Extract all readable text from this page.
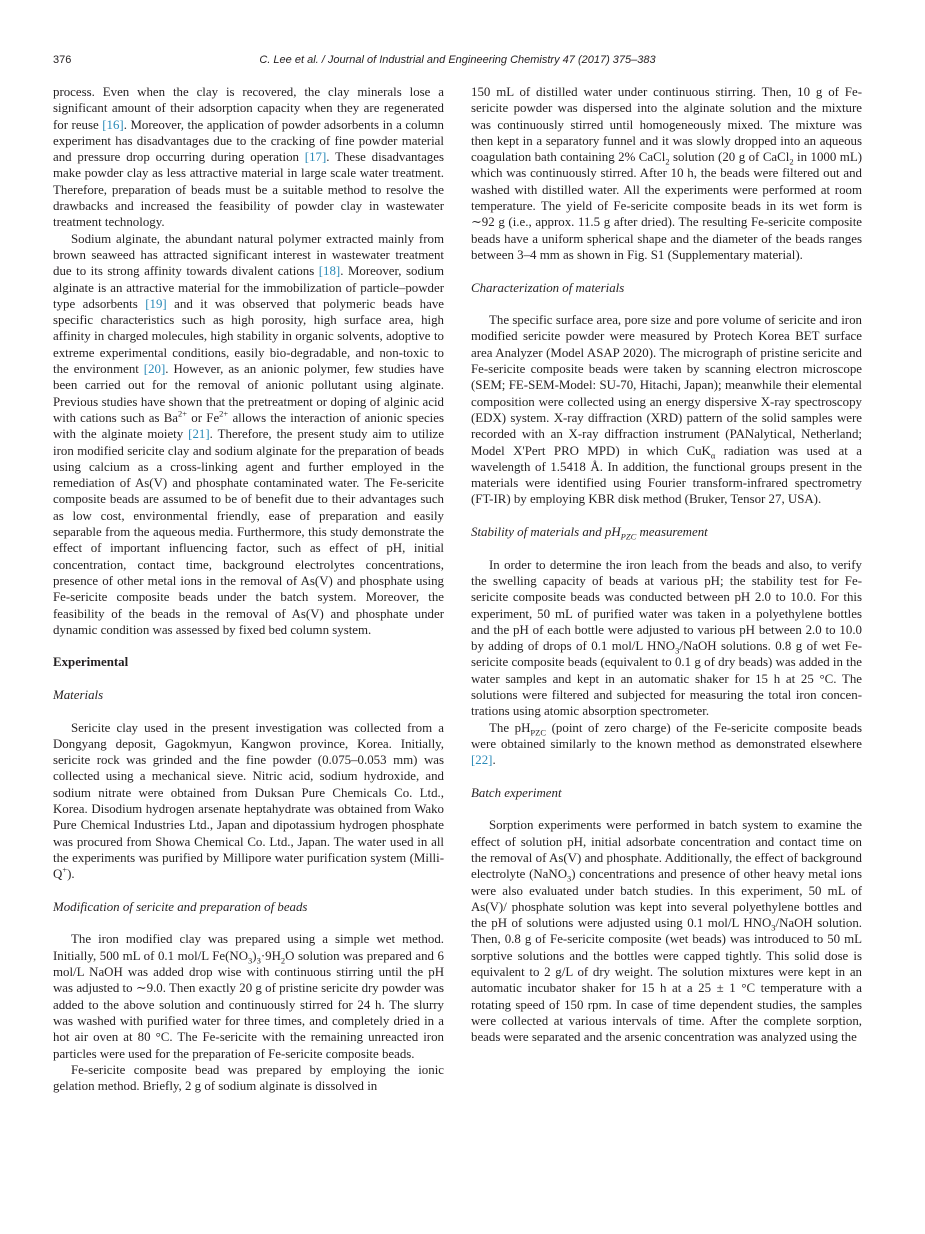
376	C. Lee et al. / Journal of Industrial and Engineering Chemistry 47 (2017) 375–383

process. Even when the clay is recovered, the clay minerals lose a significant amount of their adsorption capacity when they are regenerated for reuse [16]. Moreover, the application of powder adsorbents in a column experiment has disadvantages due to the cracking of fine powder material and pressure drop occurring during operation [17]. These disadvantages make powder clay as less attractive material in large scale water treatment. Therefore, preparation of beads must be a suitable method to resolve the drawbacks and increased the feasibility of powder clay in wastewater treatment technology.

Sodium alginate, the abundant natural polymer extracted mainly from brown seaweed has attracted significant interest in wastewater treatment due to its strong affinity towards divalent cations [18]. Moreover, sodium alginate is an attractive material for the immobilization of particle–powder type adsorbents [19] and it was observed that polymeric beads have specific characteristics such as high porosity, high surface area, high affinity in charged molecules, high stability in organic solvents, adoptive to extreme experimental conditions, easily bio-degradable, and non-toxic to the environment [20]. However, as an anionic polymer, few studies have been carried out for the removal of anionic pollutant using alginate. Previous studies have shown that the pretreatment or doping of alginic acid with cations such as $Ba^{2+}$ or $Fe^{2+}$ allows the interaction of anionic species with the alginate moiety [21]. Therefore, the present study aim to utilize iron modified sericite clay and sodium alginate for the preparation of beads using calcium as a cross-linking agent and further employed in the remediation of As(V) and phosphate contaminated water. The Fe-sericite composite beads are assumed to be of benefit due to their advantages such as low cost, environmental friendly, ease of preparation and easily separable from the aqueous media. Furthermore, this study demonstrate the effect of important influencing factor, such as effect of pH, initial concentration, contact time, background electrolytes concentrations, presence of other metal ions in the removal of As(V) and phosphate using Fe-sericite composite beads under the batch system. Moreover, the feasibility of the beads in the removal of As(V) and phosphate under dynamic condition was assessed by fixed bed column system.

Experimental
Materials

Sericite clay used in the present investigation was collected from a Dongyang deposit, Gagokmyun, Kangwon province, Korea. Initially, sericite rock was grinded and the fine powder (0.075–0.053 mm) was collected using a mechanical sieve. Nitric acid, sodium hydroxide, and sodium nitrate were obtained from Duksan Pure Chemicals Co. Ltd., Korea. Disodium hydrogen arsenate heptahydrate was obtained from Wako Pure Chemical Industries Ltd., Japan and dipotassium hydrogen phosphate was procured from Showa Chemical Co. Ltd., Japan. The water used in all the experiments was purified by Millipore water purification system (Milli-Q+).

Modification of sericite and preparation of beads

The iron modified clay was prepared using a simple wet method. Initially, 500 mL of 0.1 mol/L $Fe(NO_3)_3\cdot 9H_2O$ solution was prepared and 6 mol/L NaOH was added drop wise with continuous stirring until the pH was adjusted to ∼9.0. Then exactly 20 g of pristine sericite dry powder was added to the above solution and continuously stirred for 24 h. The slurry was washed with purified water for three times, and completely dried in a hot air oven at 80 °C. The Fe-sericite with the remaining unreacted iron particles were used for the preparation of Fe-sericite composite beads.

Fe-sericite composite bead was prepared by employing the ionic gelation method. Briefly, 2 g of sodium alginate is dissolved in

150 mL of distilled water under continuous stirring. Then, 10 g of Fe-sericite powder was dispersed into the alginate solution and the mixture was continuously stirred until homogeneously mixed. The mixture was then kept in a separatory funnel and it was slowly dropped into an aqueous coagulation bath containing 2% CaCl$_2$ solution (20 g of CaCl$_2$ in 1000 mL) which was continuously stirred. After 10 h, the beads were filtered out and washed with distilled water. All the experiments were performed at room temperature. The yield of Fe-sericite composite beads in its wet form is ∼92 g (i.e., approx. 11.5 g after dried). The resulting Fe-sericite composite beads have a uniform spherical shape and the diameter of the beads ranges between 3–4 mm as shown in Fig. S1 (Supplementary material).

Characterization of materials

The specific surface area, pore size and pore volume of sericite and iron modified sericite powder were measured by Protech Korea BET surface area Analyzer (Model ASAP 2020). The micrograph of pristine sericite and Fe-sericite composite beads were taken by scanning electron microscope (SEM; FE-SEM-Model: SU-70, Hitachi, Japan); meanwhile their elemental composition were collected using an energy dispersive X-ray spectroscopy (EDX) system. X-ray diffraction (XRD) pattern of the solid samples were recorded with an X-ray diffraction instrument (PANalytical, Netherland; Model X'Pert PRO MPD) in which CuK$_\alpha$ radiation was used at a wavelength of 1.5418 Å. In addition, the functional groups present in the materials were identified using Fourier transform-infrared spectrometry (FT-IR) by employing KBR disk method (Bruker, Tensor 27, USA).

Stability of materials and $pH_{PZC}$ measurement

In order to determine the iron leach from the beads and also, to verify the swelling capacity of beads at various pH; the stability test for Fe-sericite composite beads was conducted between pH 2.0 to 10.0. For this experiment, 50 mL of purified water was taken in a polyethylene bottles and the pH of each bottle were adjusted to various pH between 2.0 to 10.0 by adding of drops of 0.1 mol/L $HNO_3$/NaOH solutions. 0.8 g of wet Fe-sericite composite beads (equivalent to 0.1 g of dry beads) was added in the water samples and kept in an automatic shaker for 15 h at 25 °C. The solutions were filtered and subjected for measuring the total iron concentrations using atomic absorption spectrometer.

The $pH_{PZC}$ (point of zero charge) of the Fe-sericite composite beads were obtained similarly to the known method as demonstrated elsewhere [22].

Batch experiment

Sorption experiments were performed in batch system to examine the effect of solution pH, initial adsorbate concentration and contact time on the removal of As(V) and phosphate. Additionally, the effect of background electrolyte (NaNO$_3$) concentrations and presence of other heavy metal ions were also evaluated under batch studies. In this experiment, 50 mL of As(V)/ phosphate solution was kept into several polyethylene bottles and the pH of solutions were adjusted using 0.1 mol/L $HNO_3$/NaOH solution. Then, 0.8 g of Fe-sericite composite (wet beads) was introduced to 50 mL sorptive solutions and the bottles were capped tightly. This solid dose is equivalent to 2 g/L of dry weight. The solution mixtures were kept in an automatic incubator shaker for 15 h at a 25 ± 1 °C temperature with a rotating speed of 150 rpm. In case of time dependent studies, the samples were collected at various intervals of time. After the complete sorption, beads were separated and the arsenic concentration was analyzed using the
